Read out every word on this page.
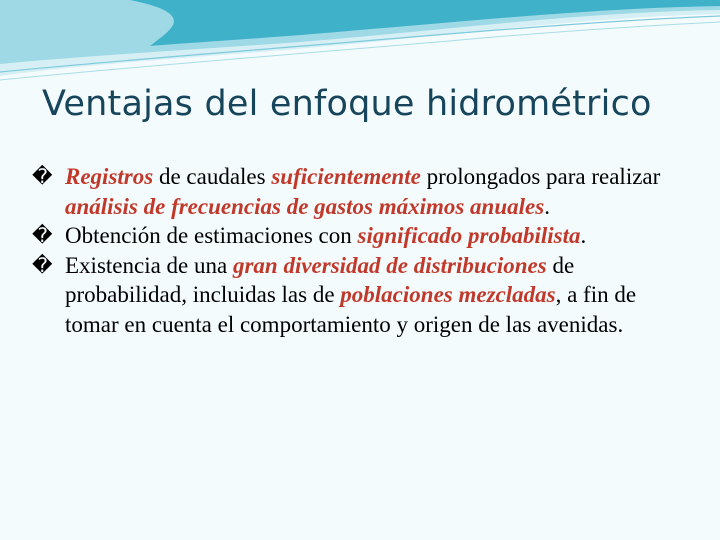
Ventajas del enfoque hidrométrico

� Registros de caudales suficientemente prolongados para realizar análisis de frecuencias de gastos máximos anuales.

� Obtención de estimaciones con significado probabilista.

� Existencia de una gran diversidad de distribuciones de probabilidad, incluidas las de poblaciones mezcladas, a fin de tomar en cuenta el comportamiento y origen de las avenidas.
